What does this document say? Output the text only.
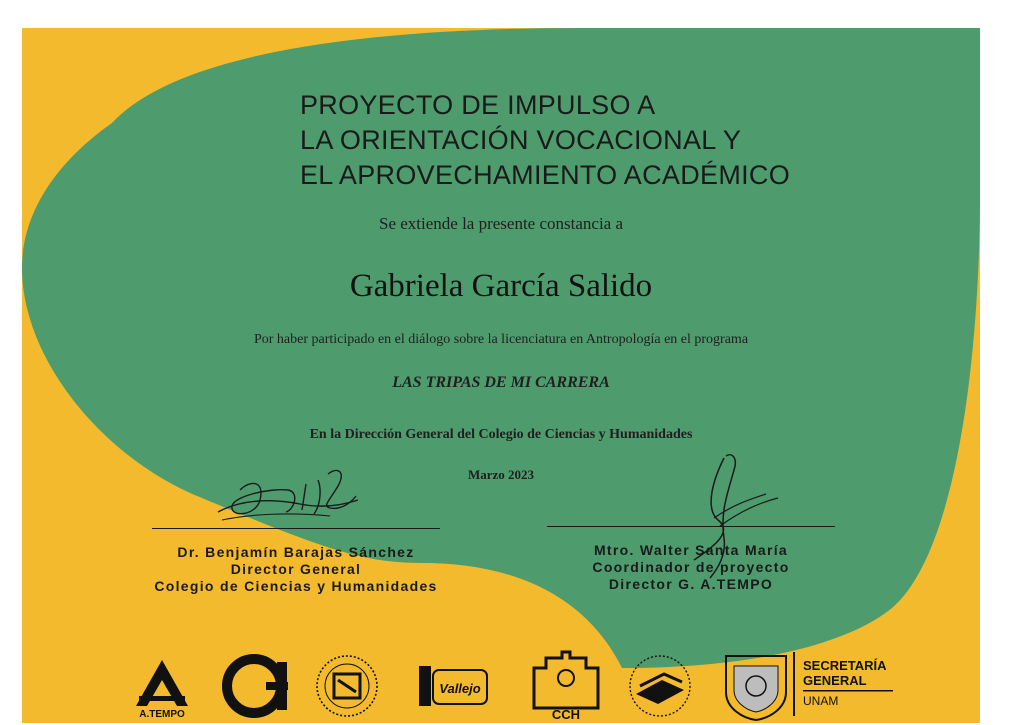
PROYECTO DE IMPULSO A
LA ORIENTACIÓN VOCACIONAL Y
EL APROVECHAMIENTO ACADÉMICO
Se extiende la presente constancia a
Gabriela García Salido
Por haber participado en el diálogo sobre la licenciatura en Antropología en el programa
LAS TRIPAS DE MI CARRERA
En la Dirección General del Colegio de Ciencias y Humanidades
Marzo 2023
Dr. Benjamín Barajas Sánchez
Director General
Colegio de Ciencias y Humanidades
Mtro. Walter Santa María
Coordinador de proyecto
Director G. A.TEMPO
A.TEMPO
Vallejo
CCH
SECRETARÍA
GENERAL
UNAM
